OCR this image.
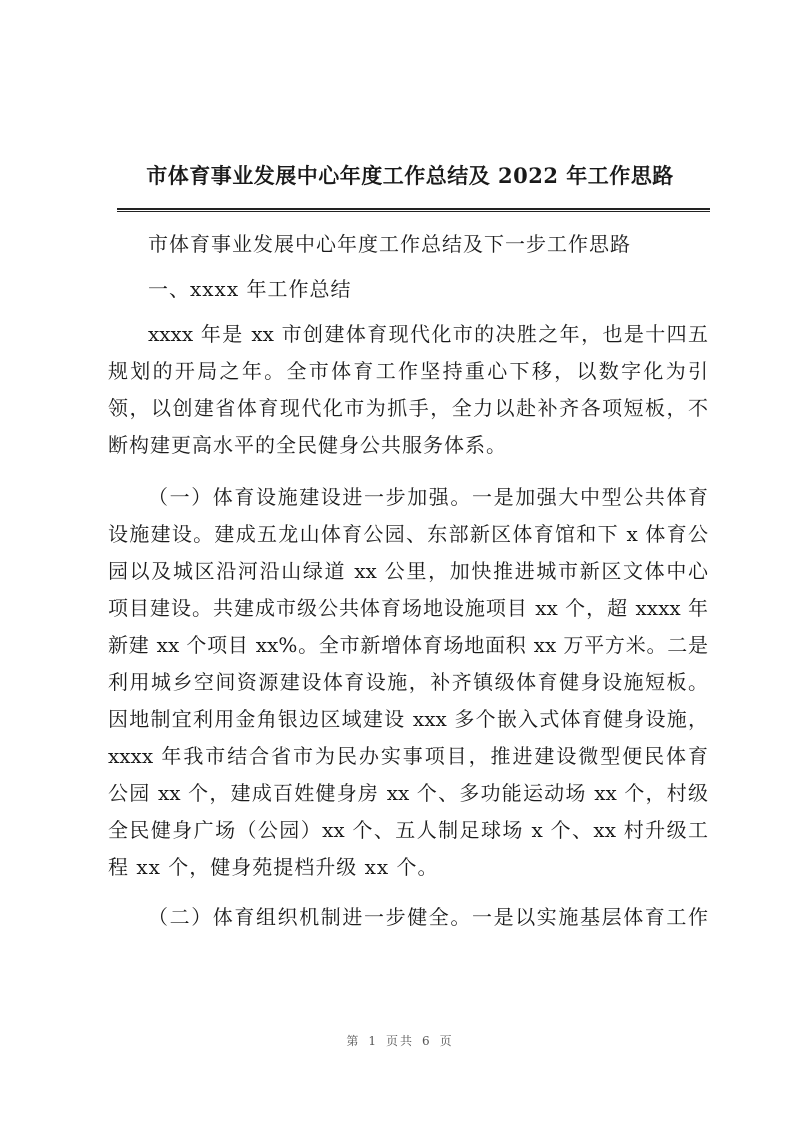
市体育事业发展中心年度工作总结及 2022 年工作思路
市体育事业发展中心年度工作总结及下一步工作思路
一、xxxx 年工作总结
xxxx 年是 xx 市创建体育现代化市的决胜之年，也是十四五
规划的开局之年。全市体育工作坚持重心下移，以数字化为引
领，以创建省体育现代化市为抓手，全力以赴补齐各项短板，不
断构建更高水平的全民健身公共服务体系。
（一）体育设施建设进一步加强。一是加强大中型公共体育
设施建设。建成五龙山体育公园、东部新区体育馆和下 x 体育公
园以及城区沿河沿山绿道 xx 公里，加快推进城市新区文体中心
项目建设。共建成市级公共体育场地设施项目 xx 个，超 xxxx 年
新建 xx 个项目 xx%。全市新增体育场地面积 xx 万平方米。二是
利用城乡空间资源建设体育设施，补齐镇级体育健身设施短板。
因地制宜利用金角银边区域建设 xxx 多个嵌入式体育健身设施，
xxxx 年我市结合省市为民办实事项目，推进建设微型便民体育
公园 xx 个，建成百姓健身房 xx 个、多功能运动场 xx 个，村级
全民健身广场（公园）xx 个、五人制足球场 x 个、xx 村升级工
程 xx 个，健身苑提档升级 xx 个。
（二）体育组织机制进一步健全。一是以实施基层体育工作
第 1 页共 6 页
